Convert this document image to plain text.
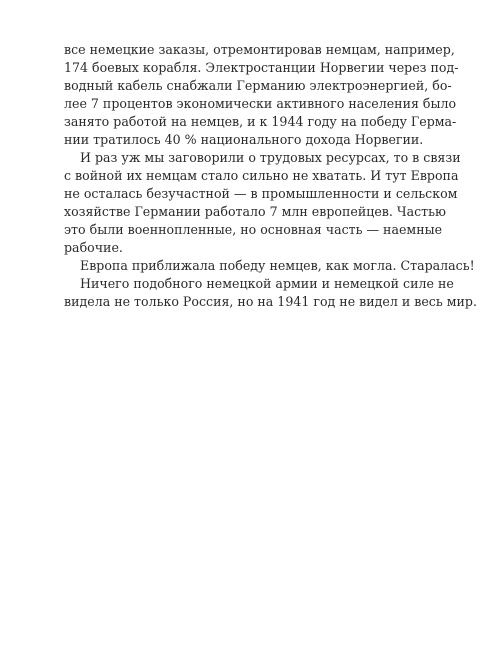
все немецкие заказы, отремонтировав немцам, например,
174 боевых корабля. Электростанции Норвегии через под-
водный кабель снабжали Германию электроэнергией, бо-
лее 7 процентов экономически активного населения было
занято работой на немцев, и к 1944 году на победу Герма-
нии тратилось 40 % национального дохода Норвегии.
И раз уж мы заговорили о трудовых ресурсах, то в связи
с войной их немцам стало сильно не хватать. И тут Европа
не осталась безучастной — в промышленности и сельском
хозяйстве Германии работало 7 млн европейцев. Частью
это были военнопленные, но основная часть — наемные
рабочие.
Европа приближала победу немцев, как могла. Старалась!
Ничего подобного немецкой армии и немецкой силе не
видела не только Россия, но на 1941 год не видел и весь мир.
